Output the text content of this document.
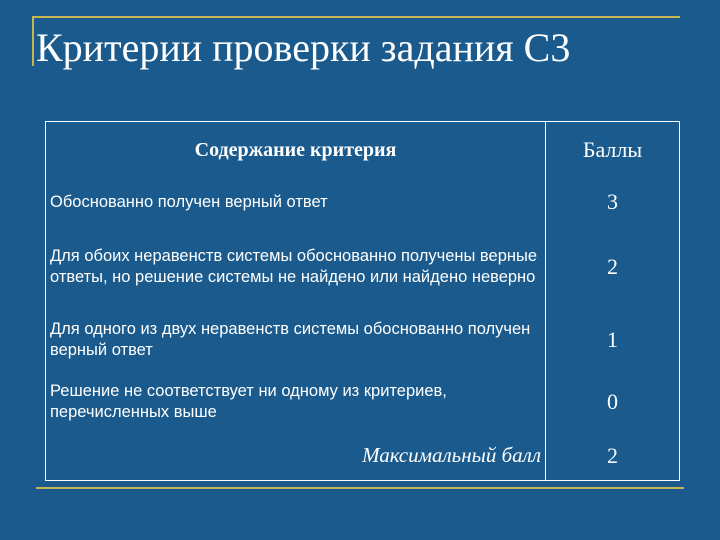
Критерии проверки задания С3
Содержание критерия	Баллы
Обоснованно получен верный ответ	3
Для обоих неравенств системы обоснованно получены верные ответы, но решение системы не найдено или найдено неверно	2
Для одного из двух неравенств системы обоснованно получен верный ответ	1
Решение не соответствует ни одному из критериев, перечисленных выше	0
Максимальный балл	2
